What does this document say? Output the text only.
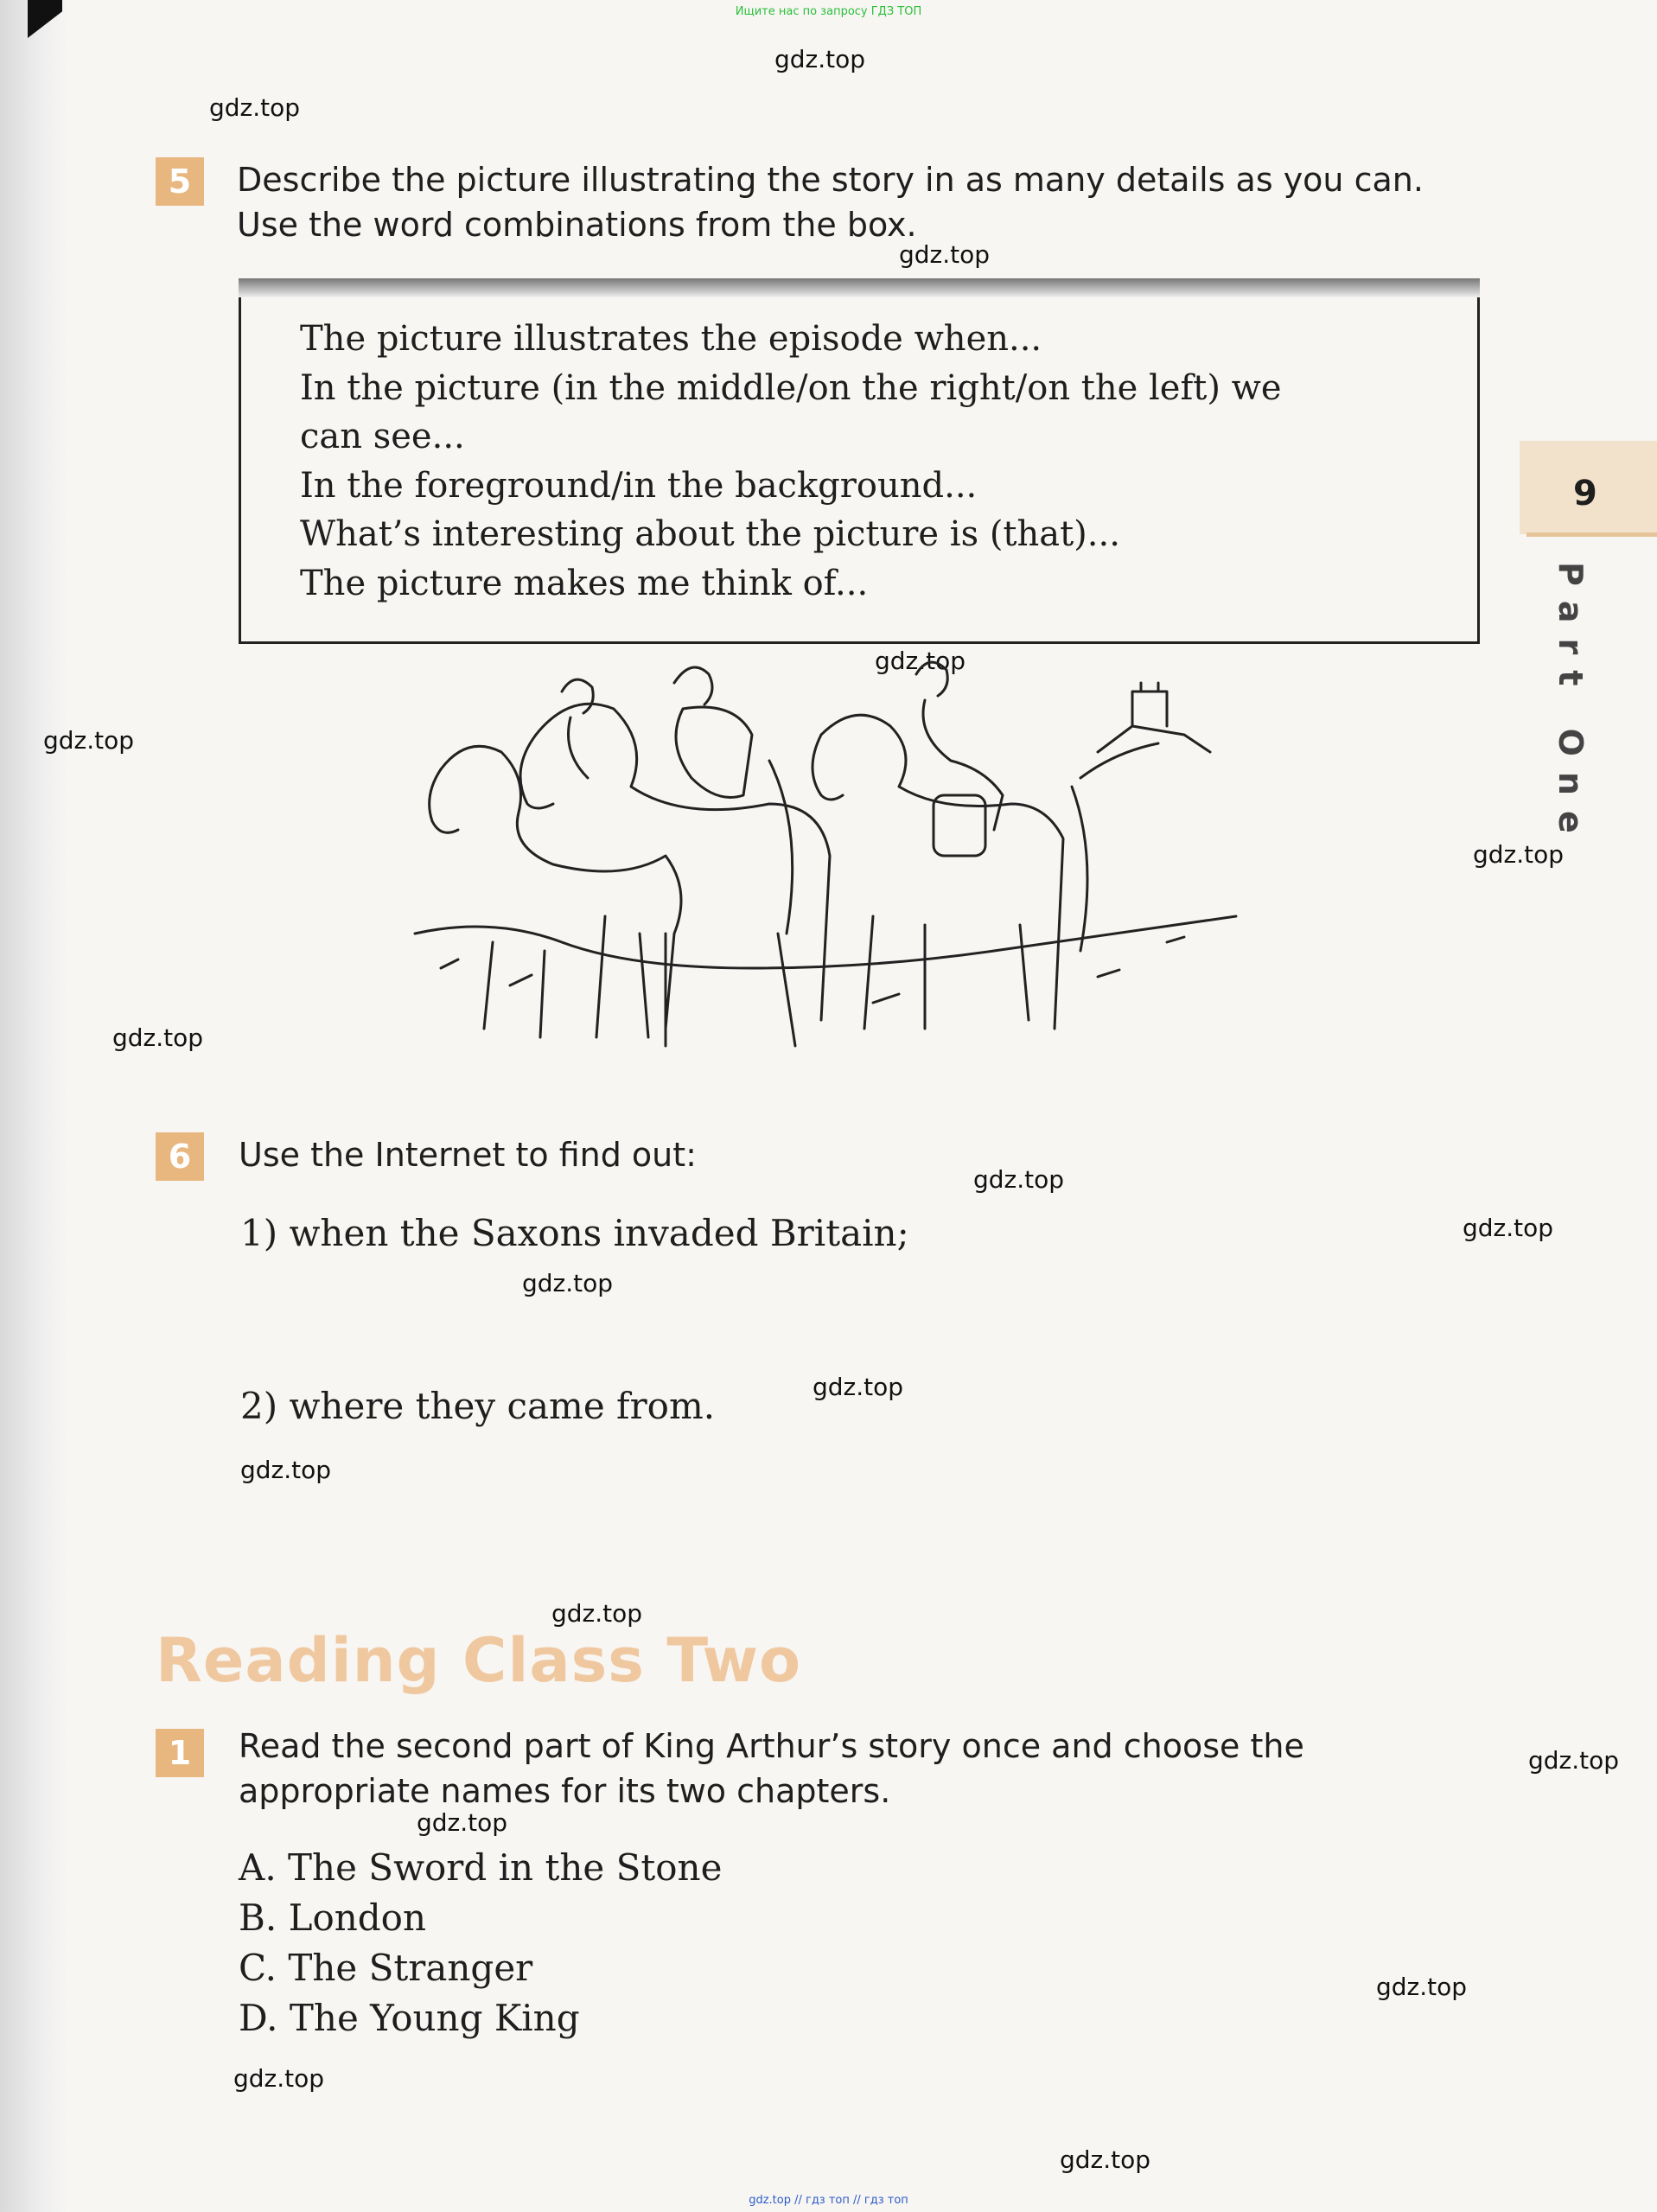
Ищите нас по запросу ГДЗ ТОП
gdz.top
gdz.top
gdz.top
gdz.top
gdz.top
gdz.top
gdz.top
gdz.top
gdz.top
gdz.top
gdz.top
gdz.top
gdz.top
gdz.top
gdz.top
gdz.top
gdz.top
gdz.top
9
Part One
5	Describe the picture illustrating the story in as many details as you can.
Use the word combinations from the box.
The picture illustrates the episode when...
In the picture (in the middle/on the right/on the left) we
can see...
In the foreground/in the background...
What’s interesting about the picture is (that)...
The picture makes me think of...
6	Use the Internet to find out:
1) when the Saxons invaded Britain;
2) where they came from.
Reading Class Two
1	Read the second part of King Arthur’s story once and choose the
appropriate names for its two chapters.
A. The Sword in the Stone
B. London
C. The Stranger
D. The Young King
gdz.top // гдз топ // гдз топ
